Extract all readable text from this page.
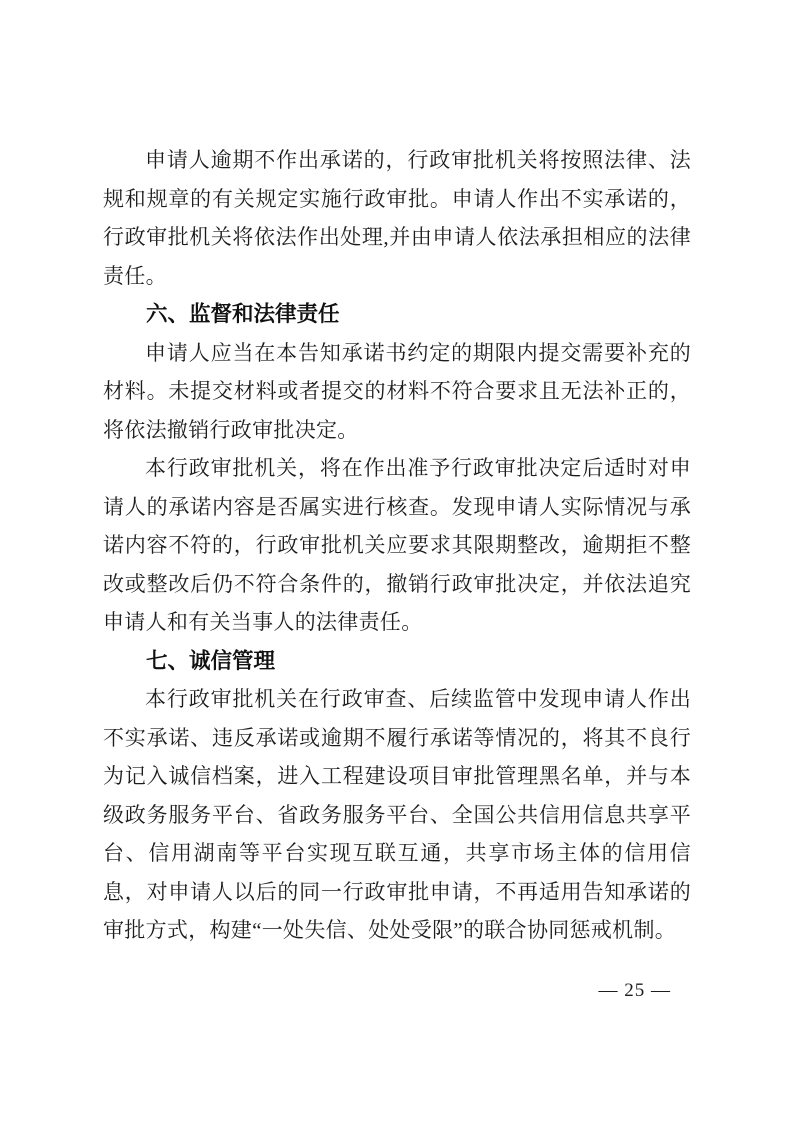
申请人逾期不作出承诺的，行政审批机关将按照法律、法规和规章的有关规定实施行政审批。申请人作出不实承诺的，行政审批机关将依法作出处理,并由申请人依法承担相应的法律责任。

六、监督和法律责任

申请人应当在本告知承诺书约定的期限内提交需要补充的材料。未提交材料或者提交的材料不符合要求且无法补正的，将依法撤销行政审批决定。

本行政审批机关，将在作出准予行政审批决定后适时对申请人的承诺内容是否属实进行核查。发现申请人实际情况与承诺内容不符的，行政审批机关应要求其限期整改，逾期拒不整改或整改后仍不符合条件的，撤销行政审批决定，并依法追究申请人和有关当事人的法律责任。

七、诚信管理

本行政审批机关在行政审查、后续监管中发现申请人作出不实承诺、违反承诺或逾期不履行承诺等情况的，将其不良行为记入诚信档案，进入工程建设项目审批管理黑名单，并与本级政务服务平台、省政务服务平台、全国公共信用信息共享平台、信用湖南等平台实现互联互通，共享市场主体的信用信息，对申请人以后的同一行政审批申请，不再适用告知承诺的审批方式，构建“一处失信、处处受限”的联合协同惩戒机制。

— 25 —
